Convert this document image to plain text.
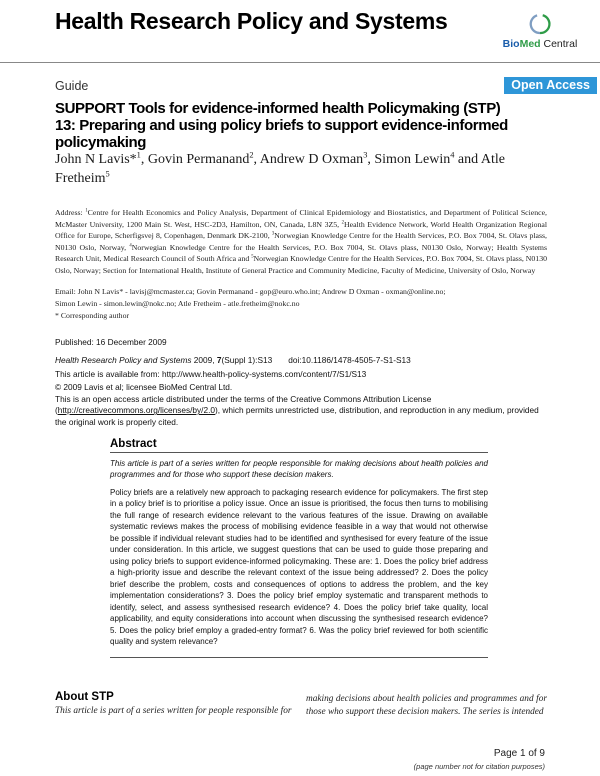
Health Research Policy and Systems
BioMed Central
Guide	Open Access
SUPPORT Tools for evidence-informed health Policymaking (STP)
13: Preparing and using policy briefs to support evidence-informed policymaking
John N Lavis*$^1$, Govin Permanand$^2$, Andrew D Oxman$^3$, Simon Lewin$^4$ and Atle Fretheim$^5$
Address: $^1$Centre for Health Economics and Policy Analysis, Department of Clinical Epidemiology and Biostatistics, and Department of Political Science, McMaster University, 1200 Main St. West, HSC-2D3, Hamilton, ON, Canada, L8N 3Z5, $^2$Health Evidence Network, World Health Organization Regional Office for Europe, Scherfigsvej 8, Copenhagen, Denmark DK-2100, $^3$Norwegian Knowledge Centre for the Health Services, P.O. Box 7004, St. Olavs plass, N0130 Oslo, Norway, $^4$Norwegian Knowledge Centre for the Health Services, P.O. Box 7004, St. Olavs plass, N0130 Oslo, Norway; Health Systems Research Unit, Medical Research Council of South Africa and $^5$Norwegian Knowledge Centre for the Health Services, P.O. Box 7004, St. Olavs plass, N0130 Oslo, Norway; Section for International Health, Institute of General Practice and Community Medicine, Faculty of Medicine, University of Oslo, Norway
Email: John N Lavis* - lavisj@mcmaster.ca; Govin Permanand - gop@euro.who.int; Andrew D Oxman - oxman@online.no;
Simon Lewin - simon.lewin@nokc.no; Atle Fretheim - atle.fretheim@nokc.no
* Corresponding author
Published: 16 December 2009
Health Research Policy and Systems 2009, 7(Suppl 1):S13 doi:10.1186/1478-4505-7-S1-S13
This article is available from: http://www.health-policy-systems.com/content/7/S1/S13
© 2009 Lavis et al; licensee BioMed Central Ltd.
This is an open access article distributed under the terms of the Creative Commons Attribution License (http://creativecommons.org/licenses/by/2.0), which permits unrestricted use, distribution, and reproduction in any medium, provided the original work is properly cited.
Abstract

This article is part of a series written for people responsible for making decisions about health policies and programmes and for those who support these decision makers.

Policy briefs are a relatively new approach to packaging research evidence for policymakers. The first step in a policy brief is to prioritise a policy issue. Once an issue is prioritised, the focus then turns to mobilising the full range of research evidence relevant to the various features of the issue. Drawing on available systematic reviews makes the process of mobilising evidence feasible in a way that would not otherwise be possible if individual relevant studies had to be identified and synthesised for every feature of the issue under consideration. In this article, we suggest questions that can be used to guide those preparing and using policy briefs to support evidence-informed policymaking. These are: 1. Does the policy brief address a high-priority issue and describe the relevant context of the issue being addressed? 2. Does the policy brief describe the problem, costs and consequences of options to address the problem, and the key implementation considerations? 3. Does the policy brief employ systematic and transparent methods to identify, select, and assess synthesised research evidence? 4. Does the policy brief take quality, local applicability, and equity considerations into account when discussing the synthesised research evidence? 5. Does the policy brief employ a graded-entry format? 6. Was the policy brief reviewed for both scientific quality and system relevance?

About STP
This article is part of a series written for people responsible for
making decisions about health policies and programmes and for those who support these decision makers. The series is intended
Page 1 of 9
(page number not for citation purposes)
